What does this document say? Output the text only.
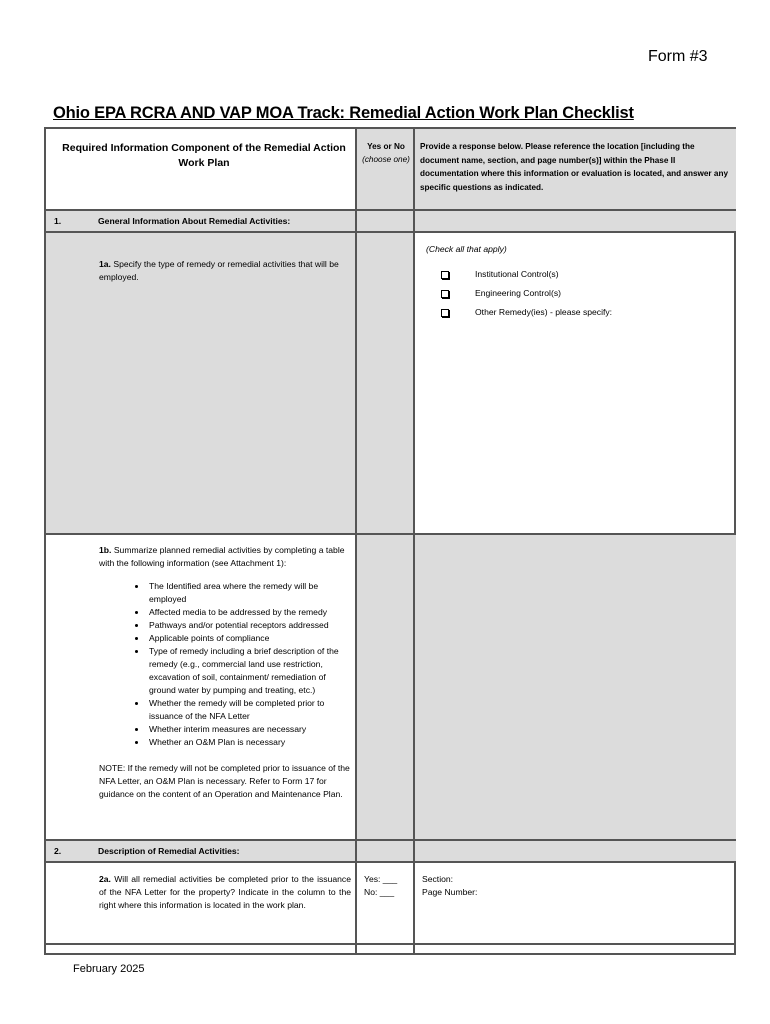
Form #3
Ohio EPA RCRA AND VAP MOA Track: Remedial Action Work Plan Checklist
Required Information Component of the Remedial Action Work Plan
Yes or No
(choose one)
Provide a response below. Please reference the location [including the document name, section, and page number(s)] within the Phase II documentation where this information or evaluation is located, and answer any specific questions as indicated.
1.	General Information About Remedial Activities:
1a. Specify the type of remedy or remedial activities that will be employed.
(Check all that apply)
Institutional Control(s)
Engineering Control(s)
Other Remedy(ies) - please specify:
1b. Summarize planned remedial activities by completing a table with the following information (see Attachment 1):
• The Identified area where the remedy will be employed
• Affected media to be addressed by the remedy
• Pathways and/or potential receptors addressed
• Applicable points of compliance
• Type of remedy including a brief description of the remedy (e.g., commercial land use restriction, excavation of soil, containment/ remediation of ground water by pumping and treating, etc.)
• Whether the remedy will be completed prior to issuance of the NFA Letter
• Whether interim measures are necessary
• Whether an O&M Plan is necessary
NOTE: If the remedy will not be completed prior to issuance of the NFA Letter, an O&M Plan is necessary. Refer to Form 17 for guidance on the content of an Operation and Maintenance Plan.
2.	Description of Remedial Activities:
2a. Will all remedial activities be completed prior to the issuance of the NFA Letter for the property? Indicate in the column to the right where this information is located in the work plan.
Yes: ___
No: ___
Section:
Page Number:
February 2025
